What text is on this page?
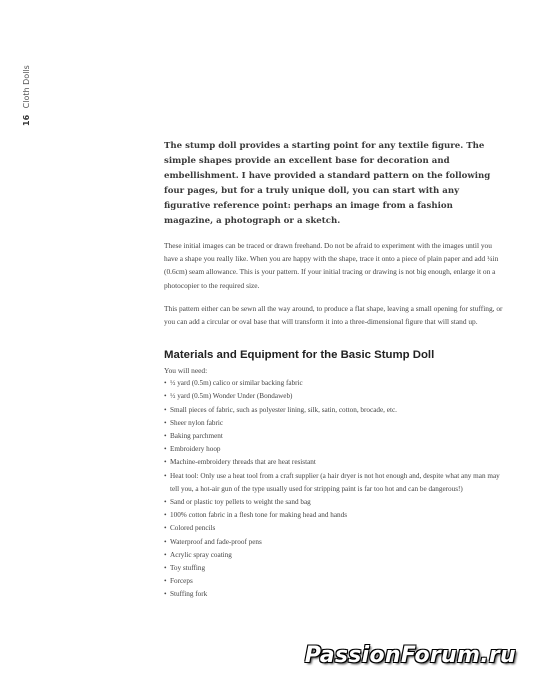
16 Cloth Dolls

The stump doll provides a starting point for any textile figure. The simple shapes provide an excellent base for decoration and embellishment. I have provided a standard pattern on the following four pages, but for a truly unique doll, you can start with any figurative reference point: perhaps an image from a fashion magazine, a photograph or a sketch.

These initial images can be traced or drawn freehand. Do not be afraid to experiment with the images until you have a shape you really like. When you are happy with the shape, trace it onto a piece of plain paper and add ¼in (0.6cm) seam allowance. This is your pattern. If your initial tracing or drawing is not big enough, enlarge it on a photocopier to the required size.

This pattern either can be sewn all the way around, to produce a flat shape, leaving a small opening for stuffing, or you can add a circular or oval base that will transform it into a three-dimensional figure that will stand up.

Materials and Equipment for the Basic Stump Doll
You will need:
• ½ yard (0.5m) calico or similar backing fabric
• ½ yard (0.5m) Wonder Under (Bondaweb)
• Small pieces of fabric, such as polyester lining, silk, satin, cotton, brocade, etc.
• Sheer nylon fabric
• Baking parchment
• Embroidery hoop
• Machine-embroidery threads that are heat resistant
• Heat tool: Only use a heat tool from a craft supplier (a hair dryer is not hot enough and, despite what any man may tell you, a hot-air gun of the type usually used for stripping paint is far too hot and can be dangerous!)
• Sand or plastic toy pellets to weight the sand bag
• 100% cotton fabric in a flesh tone for making head and hands
• Colored pencils
• Waterproof and fade-proof pens
• Acrylic spray coating
• Toy stuffing
• Forceps
• Stuffing fork
PassionForum.ru
